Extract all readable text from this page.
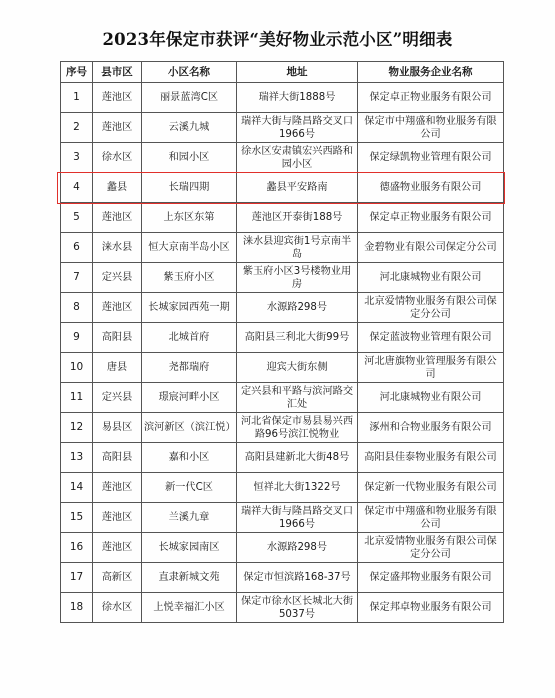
2023年保定市获评“美好物业示范小区”明细表
序号	县市区	小区名称	地址	物业服务企业名称
1	莲池区	丽景蓝湾C区	瑞祥大街1888号	保定卓正物业服务有限公司
2	莲池区	云溪九城	瑞祥大街与隆昌路交叉口1966号	保定市中翔盛和物业服务有限公司
3	徐水区	和园小区	徐水区安肃镇宏兴西路和园小区	保定绿凯物业管理有限公司
4	蠡县	长瑞四期	蠡县平安路南	德盛物业服务有限公司
5	莲池区	上东区东第	莲池区开泰街188号	保定卓正物业服务有限公司
6	涞水县	恒大京南半岛小区	涞水县迎宾街1号京南半岛	金碧物业有限公司保定分公司
7	定兴县	紫玉府小区	紫玉府小区3号楼物业用房	河北康城物业有限公司
8	莲池区	长城家园西苑一期	水源路298号	北京爱情物业服务有限公司保定分公司
9	高阳县	北城首府	高阳县三利北大街99号	保定蓝波物业管理有限公司
10	唐县	尧都瑞府	迎宾大街东侧	河北唐旗物业管理服务有限公司
11	定兴县	璟宸河畔小区	定兴县和平路与滨河路交汇处	河北康城物业有限公司
12	易县区	滨河新区（滨江悦）	河北省保定市易县易兴西路96号滨江悦物业	涿州和合物业服务有限公司
13	高阳县	嘉和小区	高阳县建新北大街48号	高阳县佳泰物业服务有限公司
14	莲池区	新一代C区	恒祥北大街1322号	保定新一代物业服务有限公司
15	莲池区	兰溪九章	瑞祥大街与隆昌路交叉口1966号	保定市中翔盛和物业服务有限公司
16	莲池区	长城家园南区	水源路298号	北京爱情物业服务有限公司保定分公司
17	高新区	直隶新城文苑	保定市恒滨路168-37号	保定盛邦物业服务有限公司
18	徐水区	上悦幸福汇小区	保定市徐水区长城北大街5037号	保定邦卓物业服务有限公司
